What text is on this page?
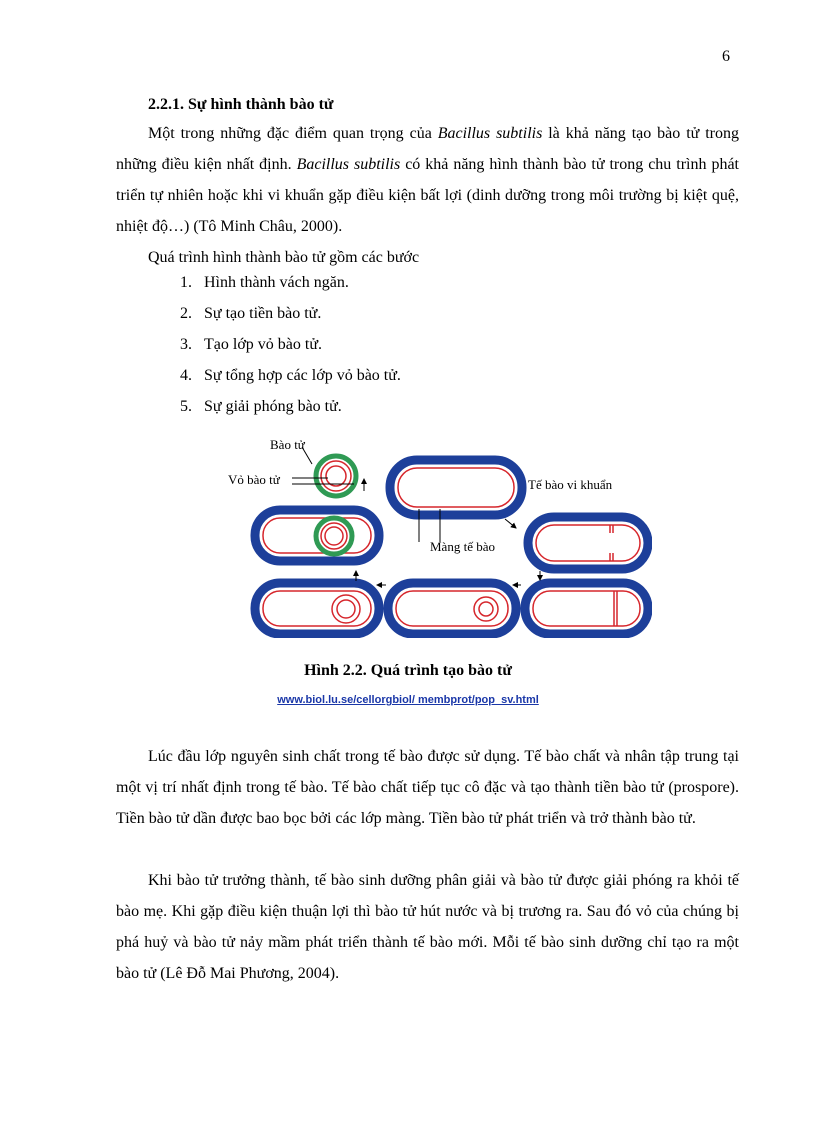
6
2.2.1. Sự hình thành bào tử

Một trong những đặc điểm quan trọng của Bacillus subtilis là khả năng tạo bào tử trong những điều kiện nhất định. Bacillus subtilis có khả năng hình thành bào tử trong chu trình phát triển tự nhiên hoặc khi vi khuẩn gặp điều kiện bất lợi (dinh dưỡng trong môi trường bị kiệt quệ, nhiệt độ…) (Tô Minh Châu, 2000).

Quá trình hình thành bào tử gồm các bước

1. Hình thành vách ngăn.
2. Sự tạo tiền bào tử.
3. Tạo lớp vỏ bào tử.
4. Sự tổng hợp các lớp vỏ bào tử.
5. Sự giải phóng bào tử.
Bào tử
Vỏ bào tử	Tế bào vi khuẩn
Màng tế bào
Hình 2.2. Quá trình tạo bào tử
www.biol.lu.se/cellorgbiol/ membprot/pop_sv.html

Lúc đầu lớp nguyên sinh chất trong tế bào được sử dụng. Tế bào chất và nhân tập trung tại một vị trí nhất định trong tế bào. Tế bào chất tiếp tục cô đặc và tạo thành tiền bào tử (prospore). Tiền bào tử dần được bao bọc bởi các lớp màng. Tiền bào tử phát triển và trở thành bào tử.

Khi bào tử trưởng thành, tế bào sinh dưỡng phân giải và bào tử được giải phóng ra khỏi tế bào mẹ. Khi gặp điều kiện thuận lợi thì bào tử hút nước và bị trương ra. Sau đó vỏ của chúng bị phá huỷ và bào tử nảy mầm phát triển thành tế bào mới. Mỗi tế bào sinh dưỡng chỉ tạo ra một bào tử (Lê Đỗ Mai Phương, 2004).
